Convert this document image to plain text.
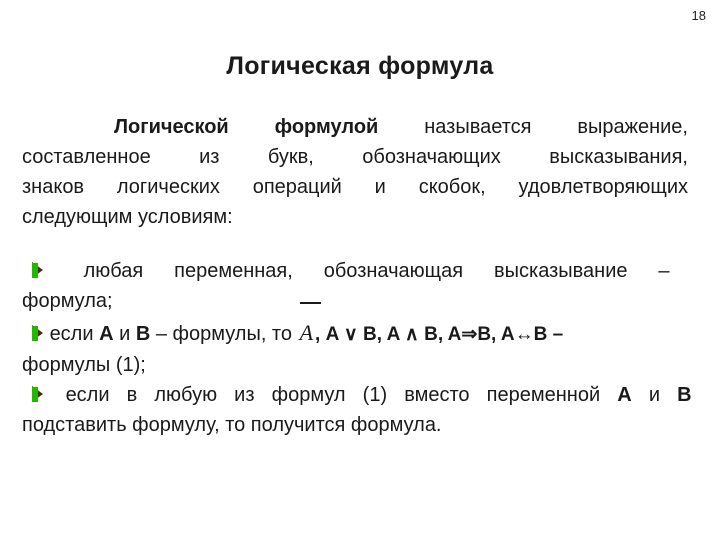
18
Логическая формула
Логической формулой называется выражение,
составленное из букв, обозначающих высказывания,
знаков логических операций и скобок, удовлетворяющих
следующим условиям:
любая переменная, обозначающая высказывание –
формула;
если А и В – формулы, то A , A ∨ B, A ∧ B, A⇒B, A↔B –
формулы (1);
если в любую из формул (1) вместо переменной А и В
подставить формулу, то получится формула.
